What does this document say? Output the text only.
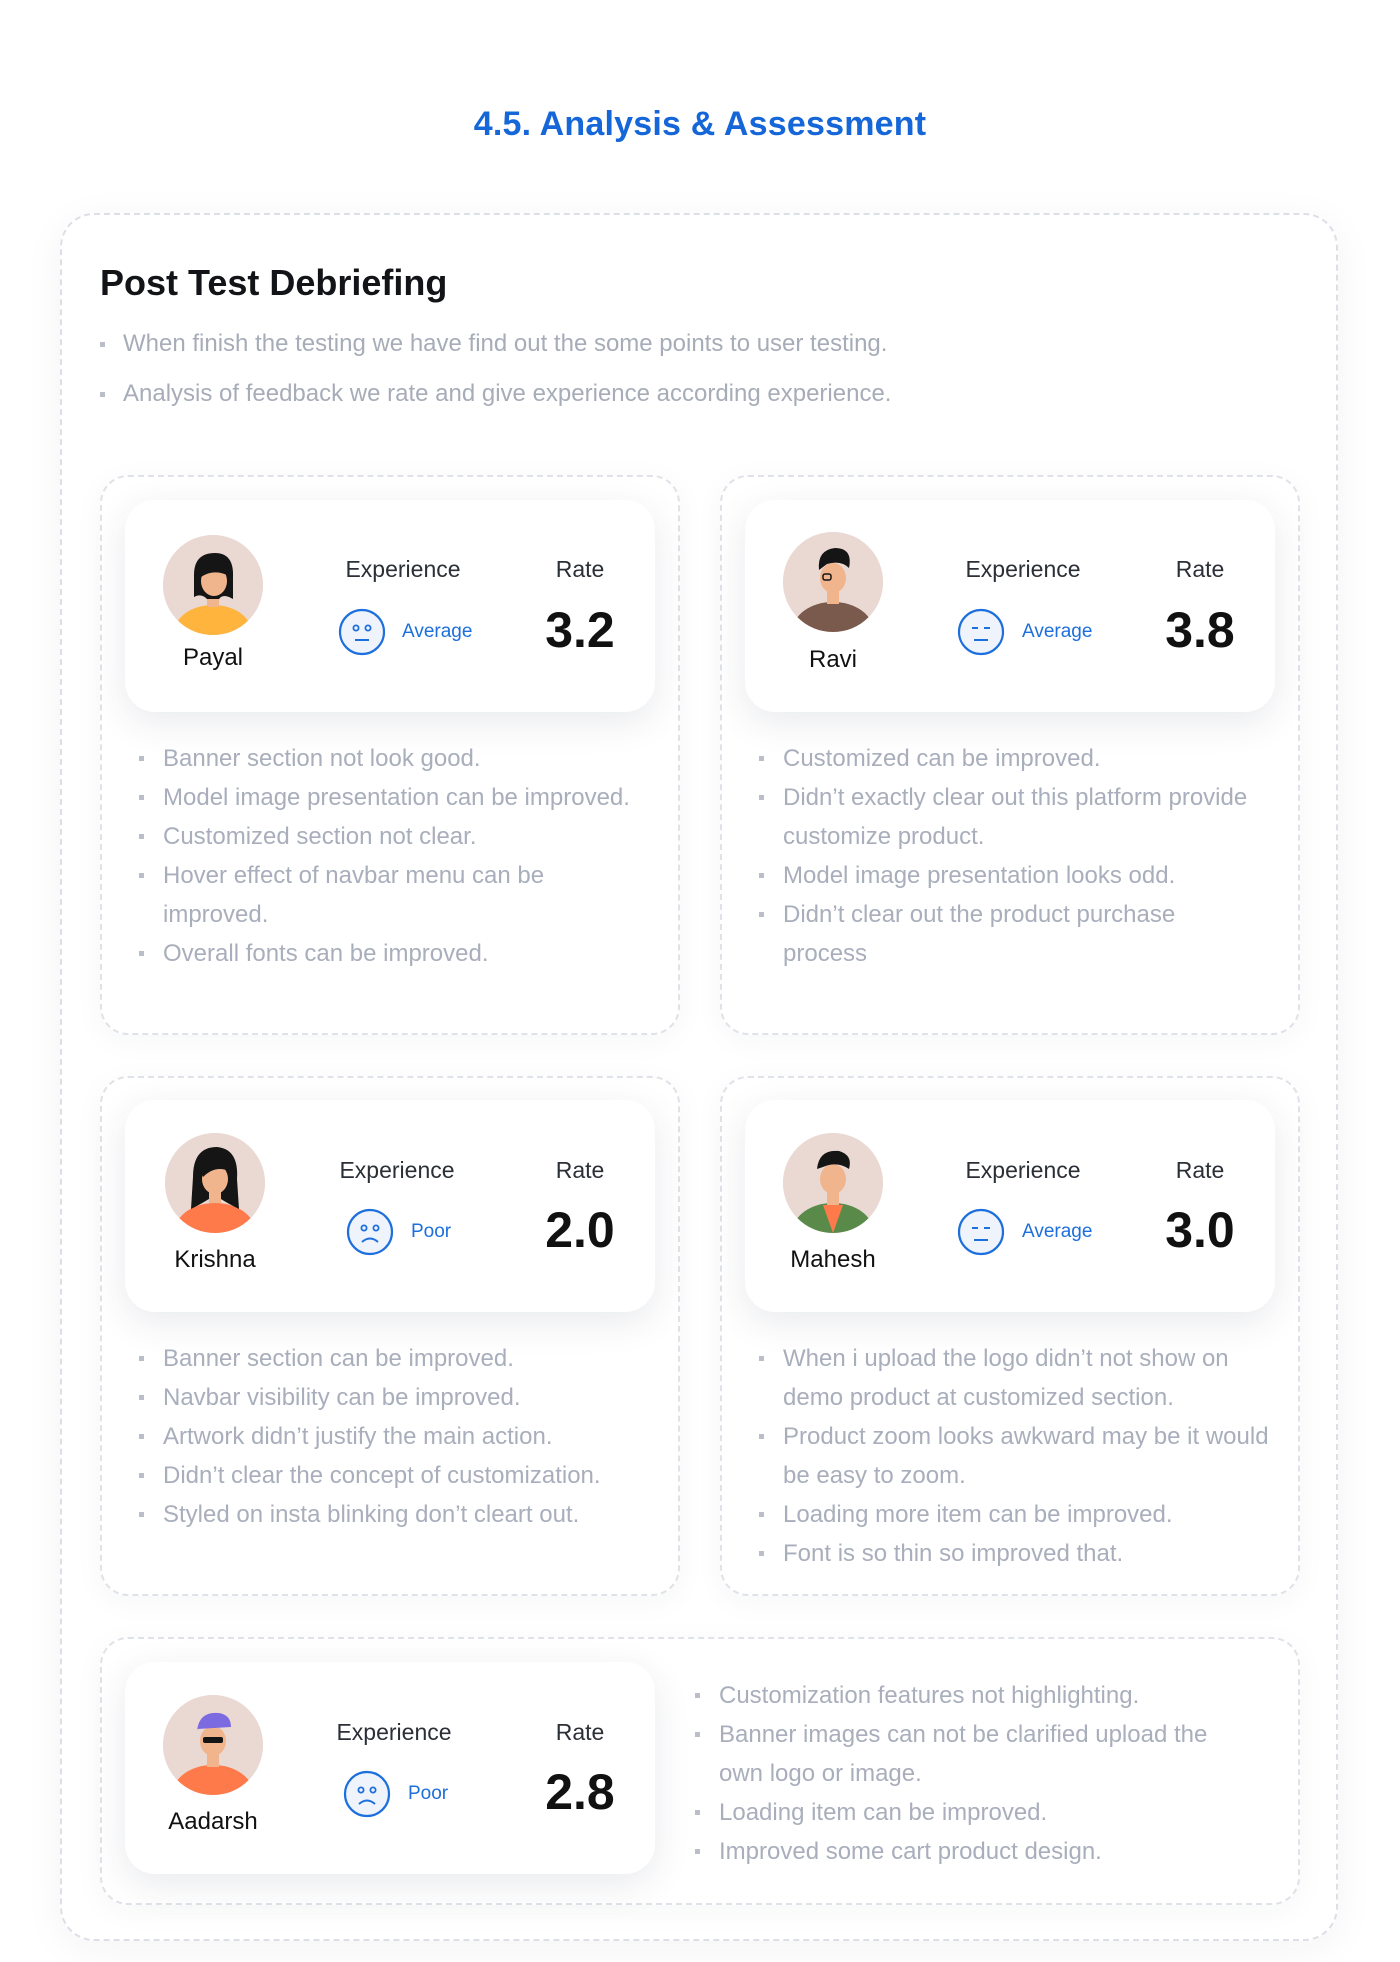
4.5. Analysis & Assessment
Post Test Debriefing
When finish the testing we have find out the some points to user testing.
Analysis of feedback we rate and give experience according experience.
Payal
Experience
Average
Rate
3.2
Banner section not look good.
Model image presentation can be improved.
Customized section not clear.
Hover effect of navbar menu can be improved.
Overall fonts can be improved.
Ravi
Experience
Average
Rate
3.8
Customized can be improved.
Didn’t exactly clear out this platform provide customize product.
Model image presentation looks odd.
Didn’t clear out the product purchase process
Krishna
Experience
Poor
Rate
2.0
Banner section can be improved.
Navbar visibility can be improved.
Artwork didn’t justify the main action.
Didn’t clear the concept of customization.
Styled on insta blinking don’t cleart out.
Mahesh
Experience
Average
Rate
3.0
When i upload the logo didn’t not show on demo product at customized section.
Product zoom looks awkward may be it would be easy to zoom.
Loading more item can be improved.
Font is so thin so improved that.
Aadarsh
Experience
Poor
Rate
2.8
Customization features not highlighting.
Banner images can not be clarified upload the own logo or image.
Loading item can be improved.
Improved some cart product design.
